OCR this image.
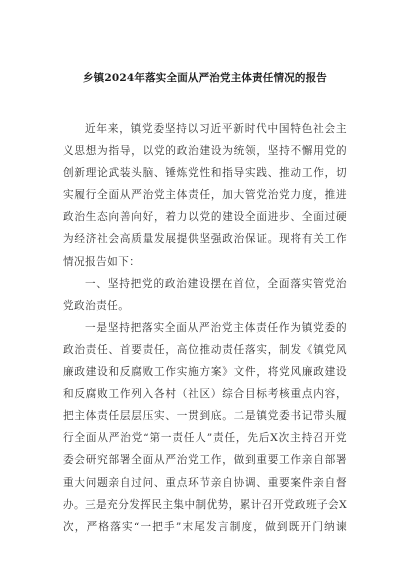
乡镇2024年落实全面从严治党主体责任情况的报告
近年来，镇党委坚持以习近平新时代中国特色社会主
义思想为指导，以党的政治建设为统领，坚持不懈用党的
创新理论武装头脑、锤炼党性和指导实践、推动工作，切
实履行全面从严治党主体责任，加大管党治党力度，推进
政治生态向善向好，着力以党的建设全面进步、全面过硬
为经济社会高质量发展提供坚强政治保证。现将有关工作
情况报告如下：
一、坚持把党的政治建设摆在首位，全面落实管党治
党政治责任。
一是坚持把落实全面从严治党主体责任作为镇党委的
政治责任、首要责任，高位推动责任落实，制发《镇党风
廉政建设和反腐败工作实施方案》文件，将党风廉政建设
和反腐败工作列入各村（社区）综合目标考核重点内容，
把主体责任层层压实、一贯到底。二是镇党委书记带头履
行全面从严治党“第一责任人”责任，先后X次主持召开党
委会研究部署全面从严治党工作，做到重要工作亲自部署
重大问题亲自过问、重点环节亲自协调、重要案件亲自督
办。三是充分发挥民主集中制优势，累计召开党政班子会X
次，严格落实“一把手”末尾发言制度，做到既开门纳谏
